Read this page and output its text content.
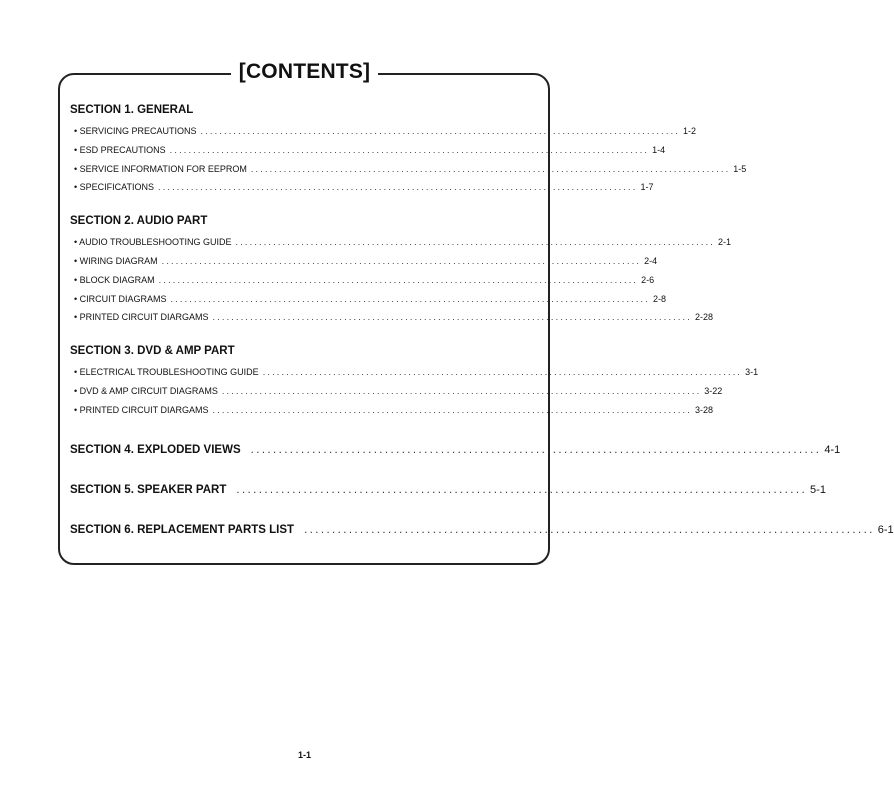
[CONTENTS]
SECTION 1. GENERAL
• SERVICING PRECAUTIONS ...................................................................................................... 1-2
• ESD PRECAUTIONS ...................................................................................................... 1-4
• SERVICE INFORMATION FOR EEPROM ...................................................................................................... 1-5
• SPECIFICATIONS ...................................................................................................... 1-7
SECTION 2. AUDIO PART
• AUDIO TROUBLESHOOTING GUIDE ...................................................................................................... 2-1
• WIRING DIAGRAM ...................................................................................................... 2-4
• BLOCK DIAGRAM ...................................................................................................... 2-6
• CIRCUIT DIAGRAMS ...................................................................................................... 2-8
• PRINTED CIRCUIT DIARGAMS ...................................................................................................... 2-28
SECTION 3. DVD & AMP PART
• ELECTRICAL TROUBLESHOOTING GUIDE ...................................................................................................... 3-1
• DVD & AMP CIRCUIT DIAGRAMS ...................................................................................................... 3-22
• PRINTED CIRCUIT DIARGAMS ...................................................................................................... 3-28
SECTION 4. EXPLODED VIEWS ...................................................................................................... 4-1
SECTION 5. SPEAKER PART ...................................................................................................... 5-1
SECTION 6. REPLACEMENT PARTS LIST ...................................................................................................... 6-1
1-1
